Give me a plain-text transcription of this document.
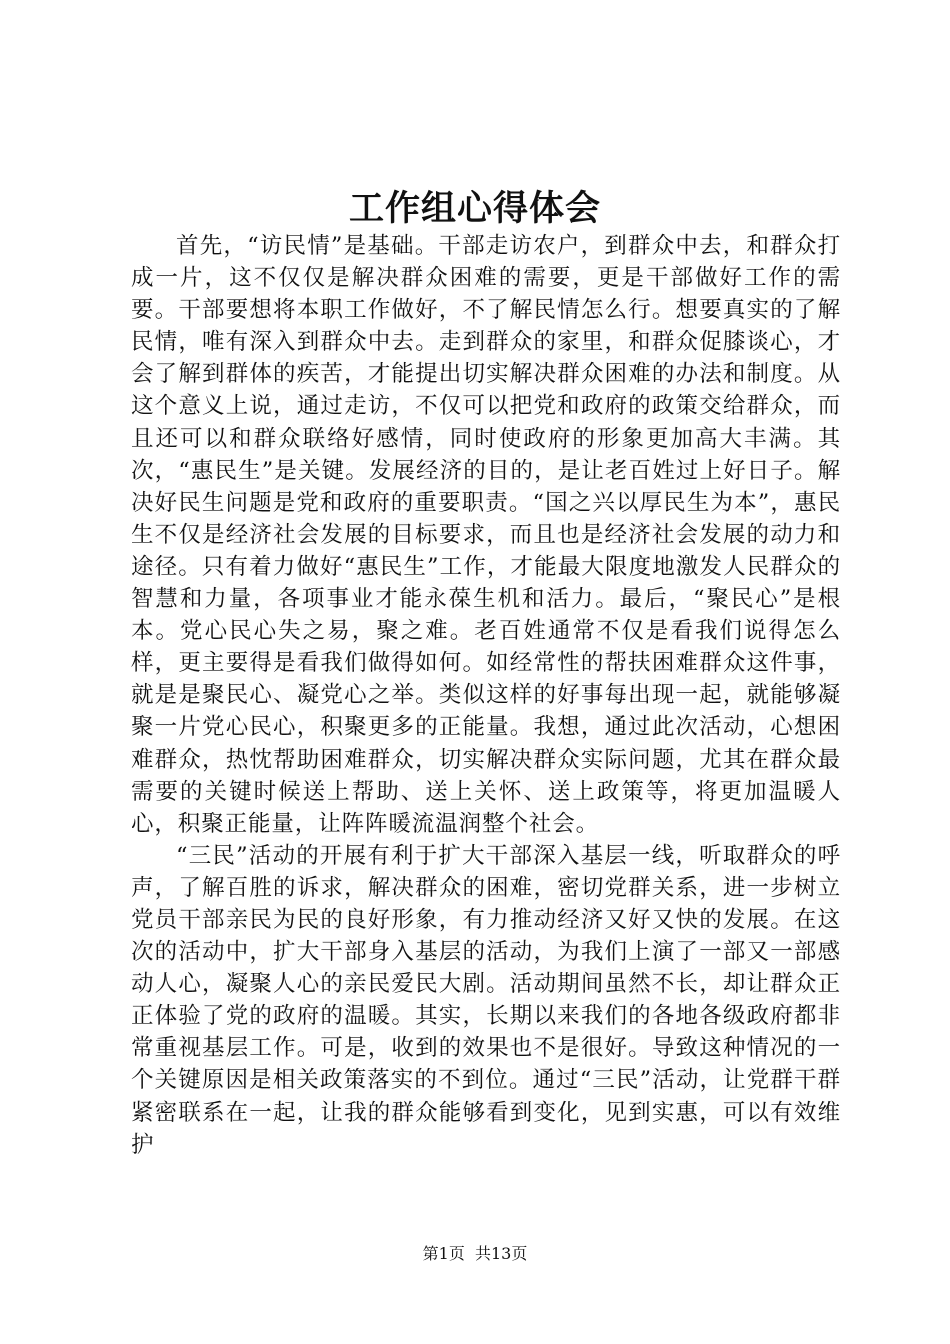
工作组心得体会

首先，“访民情”是基础。干部走访农户，到群众中去，和群众打成一片，这不仅仅是解决群众困难的需要，更是干部做好工作的需要。干部要想将本职工作做好，不了解民情怎么行。想要真实的了解民情，唯有深入到群众中去。走到群众的家里，和群众促膝谈心，才会了解到群体的疾苦，才能提出切实解决群众困难的办法和制度。从这个意义上说，通过走访，不仅可以把党和政府的政策交给群众，而且还可以和群众联络好感情，同时使政府的形象更加高大丰满。其次，“惠民生”是关键。发展经济的目的，是让老百姓过上好日子。解决好民生问题是党和政府的重要职责。“国之兴以厚民生为本”，惠民生不仅是经济社会发展的目标要求，而且也是经济社会发展的动力和途径。只有着力做好“惠民生”工作，才能最大限度地激发人民群众的智慧和力量，各项事业才能永葆生机和活力。最后，“聚民心”是根本。党心民心失之易，聚之难。老百姓通常不仅是看我们说得怎么样，更主要得是看我们做得如何。如经常性的帮扶困难群众这件事，就是是聚民心、凝党心之举。类似这样的好事每出现一起，就能够凝聚一片党心民心，积聚更多的正能量。我想，通过此次活动，心想困难群众，热忱帮助困难群众，切实解决群众实际问题，尤其在群众最需要的关键时候送上帮助、送上关怀、送上政策等，将更加温暖人心，积聚正能量，让阵阵暖流温润整个社会。

“三民”活动的开展有利于扩大干部深入基层一线，听取群众的呼声，了解百胜的诉求，解决群众的困难，密切党群关系，进一步树立党员干部亲民为民的良好形象，有力推动经济又好又快的发展。在这次的活动中，扩大干部身入基层的活动，为我们上演了一部又一部感动人心，凝聚人心的亲民爱民大剧。活动期间虽然不长，却让群众正正体验了党的政府的温暖。其实，长期以来我们的各地各级政府都非常重视基层工作。可是，收到的效果也不是很好。导致这种情况的一个关键原因是相关政策落实的不到位。通过“三民”活动，让党群干群紧密联系在一起，让我的群众能够看到变化，见到实惠，可以有效维护

第1页  共13页
